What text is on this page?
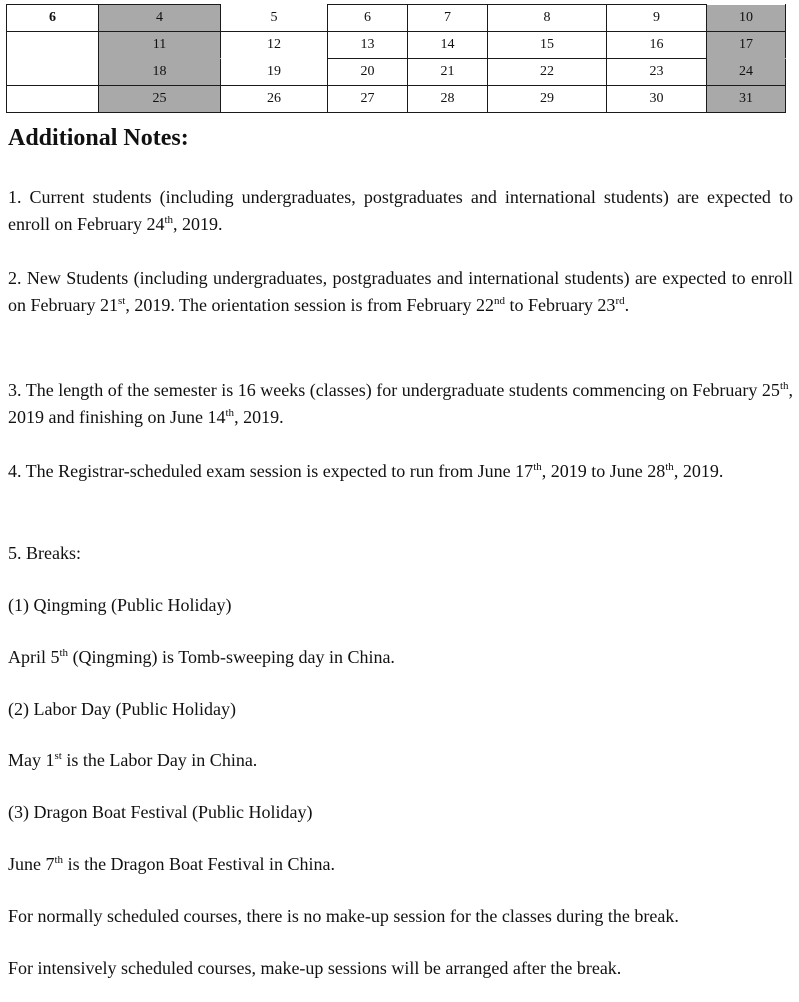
6	4	5	6	7	8	9	10
	11	12	13	14	15	16	17
	18	19	20	21	22	23	24
	25	26	27	28	29	30	31
Additional Notes:

1. Current students (including undergraduates, postgraduates and international students) are expected to enroll on February 24th, 2019.

2. New Students (including undergraduates, postgraduates and international students) are expected to enroll on February 21st, 2019. The orientation session is from February 22nd to February 23rd.

3. The length of the semester is 16 weeks (classes) for undergraduate students commencing on February 25th, 2019 and finishing on June 14th, 2019.

4. The Registrar-scheduled exam session is expected to run from June 17th, 2019 to June 28th, 2019.

5. Breaks:

(1) Qingming (Public Holiday)

April 5th (Qingming) is Tomb-sweeping day in China.

(2) Labor Day (Public Holiday)

May 1st is the Labor Day in China.

(3) Dragon Boat Festival (Public Holiday)

June 7th is the Dragon Boat Festival in China.

For normally scheduled courses, there is no make-up session for the classes during the break.

For intensively scheduled courses, make-up sessions will be arranged after the break.
